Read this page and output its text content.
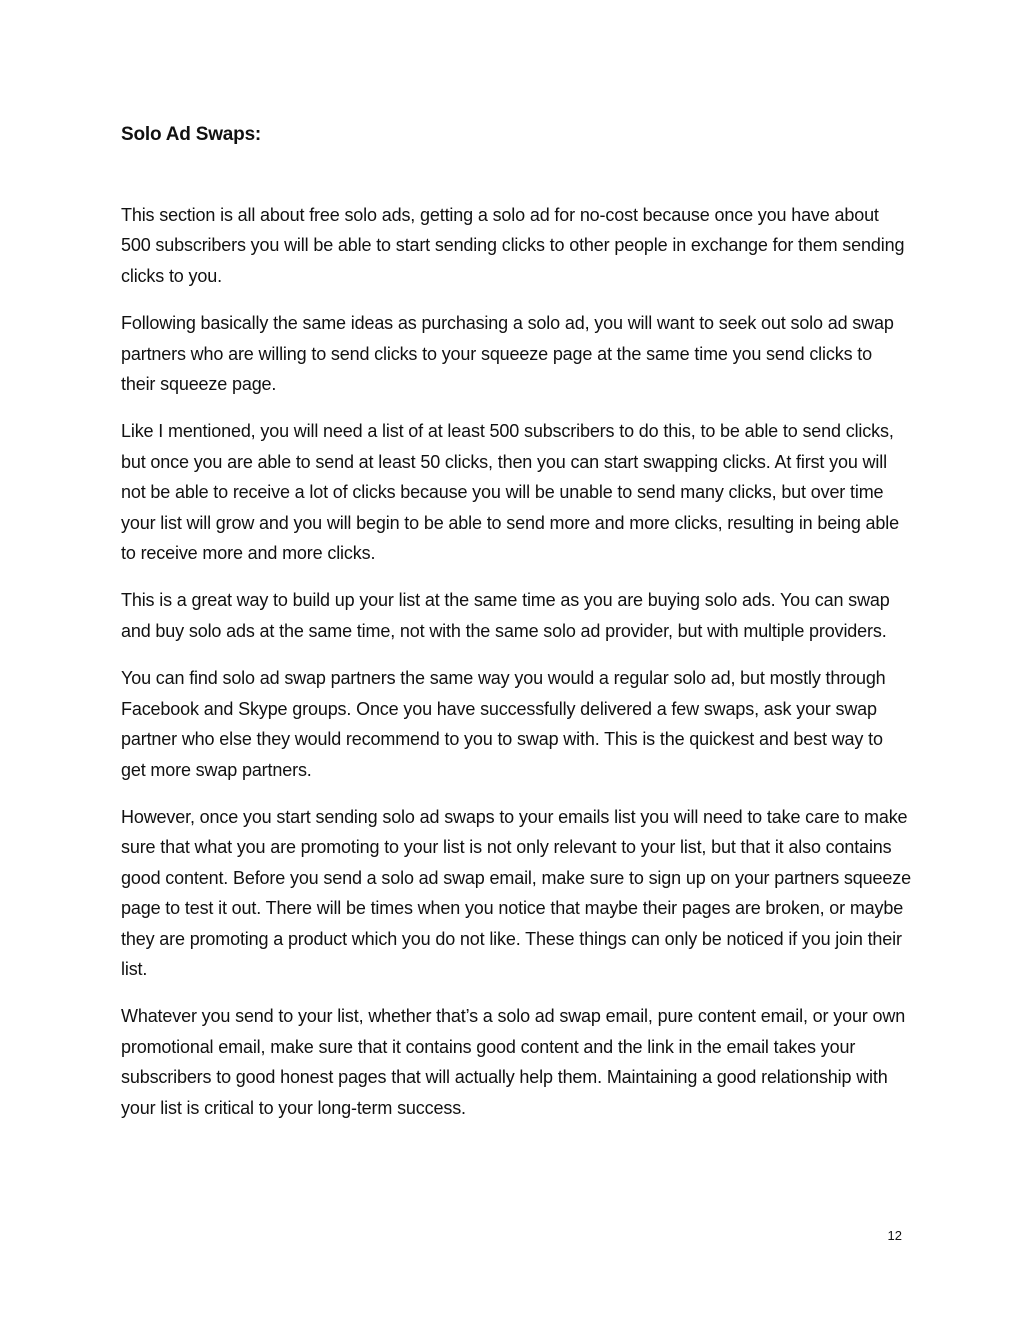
Solo Ad Swaps:

This section is all about free solo ads, getting a solo ad for no-cost because once you have about 500 subscribers you will be able to start sending clicks to other people in exchange for them sending clicks to you.

Following basically the same ideas as purchasing a solo ad, you will want to seek out solo ad swap partners who are willing to send clicks to your squeeze page at the same time you send clicks to their squeeze page.

Like I mentioned, you will need a list of at least 500 subscribers to do this, to be able to send clicks, but once you are able to send at least 50 clicks, then you can start swapping clicks. At first you will not be able to receive a lot of clicks because you will be unable to send many clicks, but over time your list will grow and you will begin to be able to send more and more clicks, resulting in being able to receive more and more clicks.

This is a great way to build up your list at the same time as you are buying solo ads. You can swap and buy solo ads at the same time, not with the same solo ad provider, but with multiple providers.

You can find solo ad swap partners the same way you would a regular solo ad, but mostly through Facebook and Skype groups. Once you have successfully delivered a few swaps, ask your swap partner who else they would recommend to you to swap with. This is the quickest and best way to get more swap partners.

However, once you start sending solo ad swaps to your emails list you will need to take care to make sure that what you are promoting to your list is not only relevant to your list, but that it also contains good content. Before you send a solo ad swap email, make sure to sign up on your partners squeeze page to test it out. There will be times when you notice that maybe their pages are broken, or maybe they are promoting a product which you do not like. These things can only be noticed if you join their list.

Whatever you send to your list, whether that’s a solo ad swap email, pure content email, or your own promotional email, make sure that it contains good content and the link in the email takes your subscribers to good honest pages that will actually help them. Maintaining a good relationship with your list is critical to your long-term success.

12
